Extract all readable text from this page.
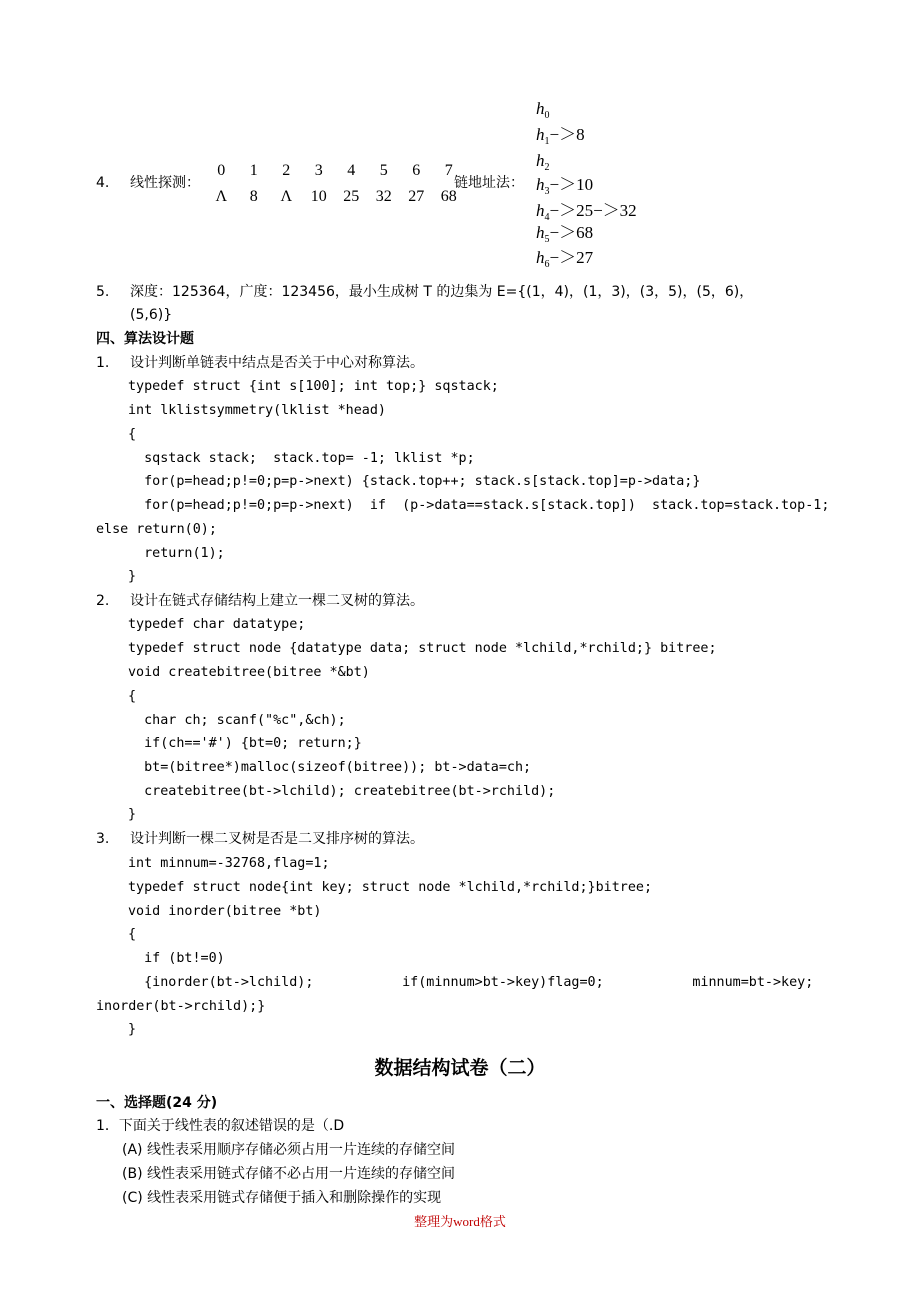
4. 线性探测：
0	1	2	3	4	5	6	7
Λ	8	Λ	10	25	32	27	68
链地址法：
$h_0$
$h_1->8$
$h_2$
$h_3->10$
$h_4->25->32$
$h_5->68$
$h_6->27$
5. 深度：125364，广度：123456，最小生成树 T 的边集为 E={(1，4)，(1，3)，(3，5)，(5，6)，
(5,6)}
四、算法设计题
1. 设计判断单链表中结点是否关于中心对称算法。
typedef struct {int s[100]; int top;} sqstack;
int lklistsymmetry(lklist *head)
{
sqstack stack;  stack.top= -1; lklist *p;
for(p=head;p!=0;p=p->next) {stack.top++; stack.s[stack.top]=p->data;}
for(p=head;p!=0;p=p->next)  if  (p->data==stack.s[stack.top])  stack.top=stack.top-1;
else return(0);
return(1);
}
2. 设计在链式存储结构上建立一棵二叉树的算法。
typedef char datatype;
typedef struct node {datatype data; struct node *lchild,*rchild;} bitree;
void createbitree(bitree *&bt)
{
char ch; scanf("%c",&ch);
if(ch=='#') {bt=0; return;}
bt=(bitree*)malloc(sizeof(bitree)); bt->data=ch;
createbitree(bt->lchild); createbitree(bt->rchild);
}
3. 设计判断一棵二叉树是否是二叉排序树的算法。
int minnum=-32768,flag=1;
typedef struct node{int key; struct node *lchild,*rchild;}bitree;
void inorder(bitree *bt)
{
if (bt!=0)
{inorder(bt->lchild);           if(minnum>bt->key)flag=0;           minnum=bt->key;
inorder(bt->rchild);}
}
数据结构试卷（二）
一、选择题(24 分)
1．下面关于线性表的叙述错误的是（.D
(A) 线性表采用顺序存储必须占用一片连续的存储空间
(B) 线性表采用链式存储不必占用一片连续的存储空间
(C) 线性表采用链式存储便于插入和删除操作的实现
整理为word格式
